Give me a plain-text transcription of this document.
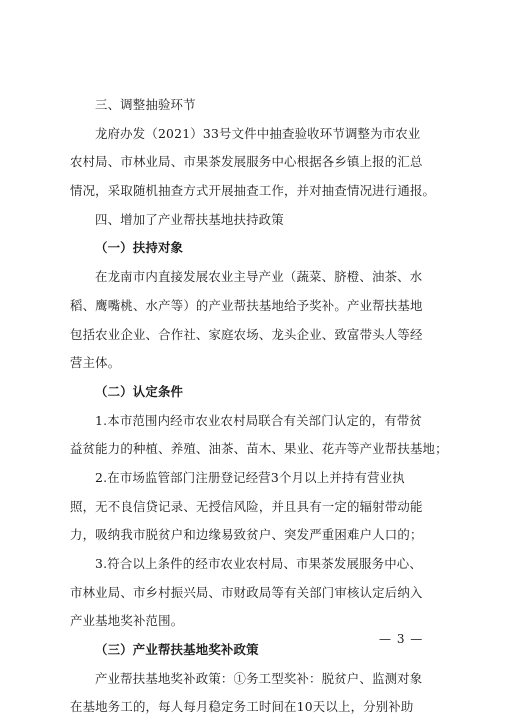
三、调整抽验环节
龙府办发（2021）33号文件中抽查验收环节调整为市农业
农村局、市林业局、市果茶发展服务中心根据各乡镇上报的汇总
情况，采取随机抽查方式开展抽查工作，并对抽查情况进行通报。
四、增加了产业帮扶基地扶持政策
（一）扶持对象
在龙南市内直接发展农业主导产业（蔬菜、脐橙、油茶、水
稻、鹰嘴桃、水产等）的产业帮扶基地给予奖补。产业帮扶基地
包括农业企业、合作社、家庭农场、龙头企业、致富带头人等经
营主体。
（二）认定条件
1.本市范围内经市农业农村局联合有关部门认定的，有带贫
益贫能力的种植、养殖、油茶、苗木、果业、花卉等产业帮扶基地；
2.在市场监管部门注册登记经营3个月以上并持有营业执
照，无不良信贷记录、无授信风险，并且具有一定的辐射带动能
力，吸纳我市脱贫户和边缘易致贫户、突发严重困难户人口的；
3.符合以上条件的经市农业农村局、市果茶发展服务中心、
市林业局、市乡村振兴局、市财政局等有关部门审核认定后纳入
产业基地奖补范围。
（三）产业帮扶基地奖补政策
产业帮扶基地奖补政策：①务工型奖补：脱贫户、监测对象
在基地务工的，每人每月稳定务工时间在10天以上，分别补助
— 3 —
